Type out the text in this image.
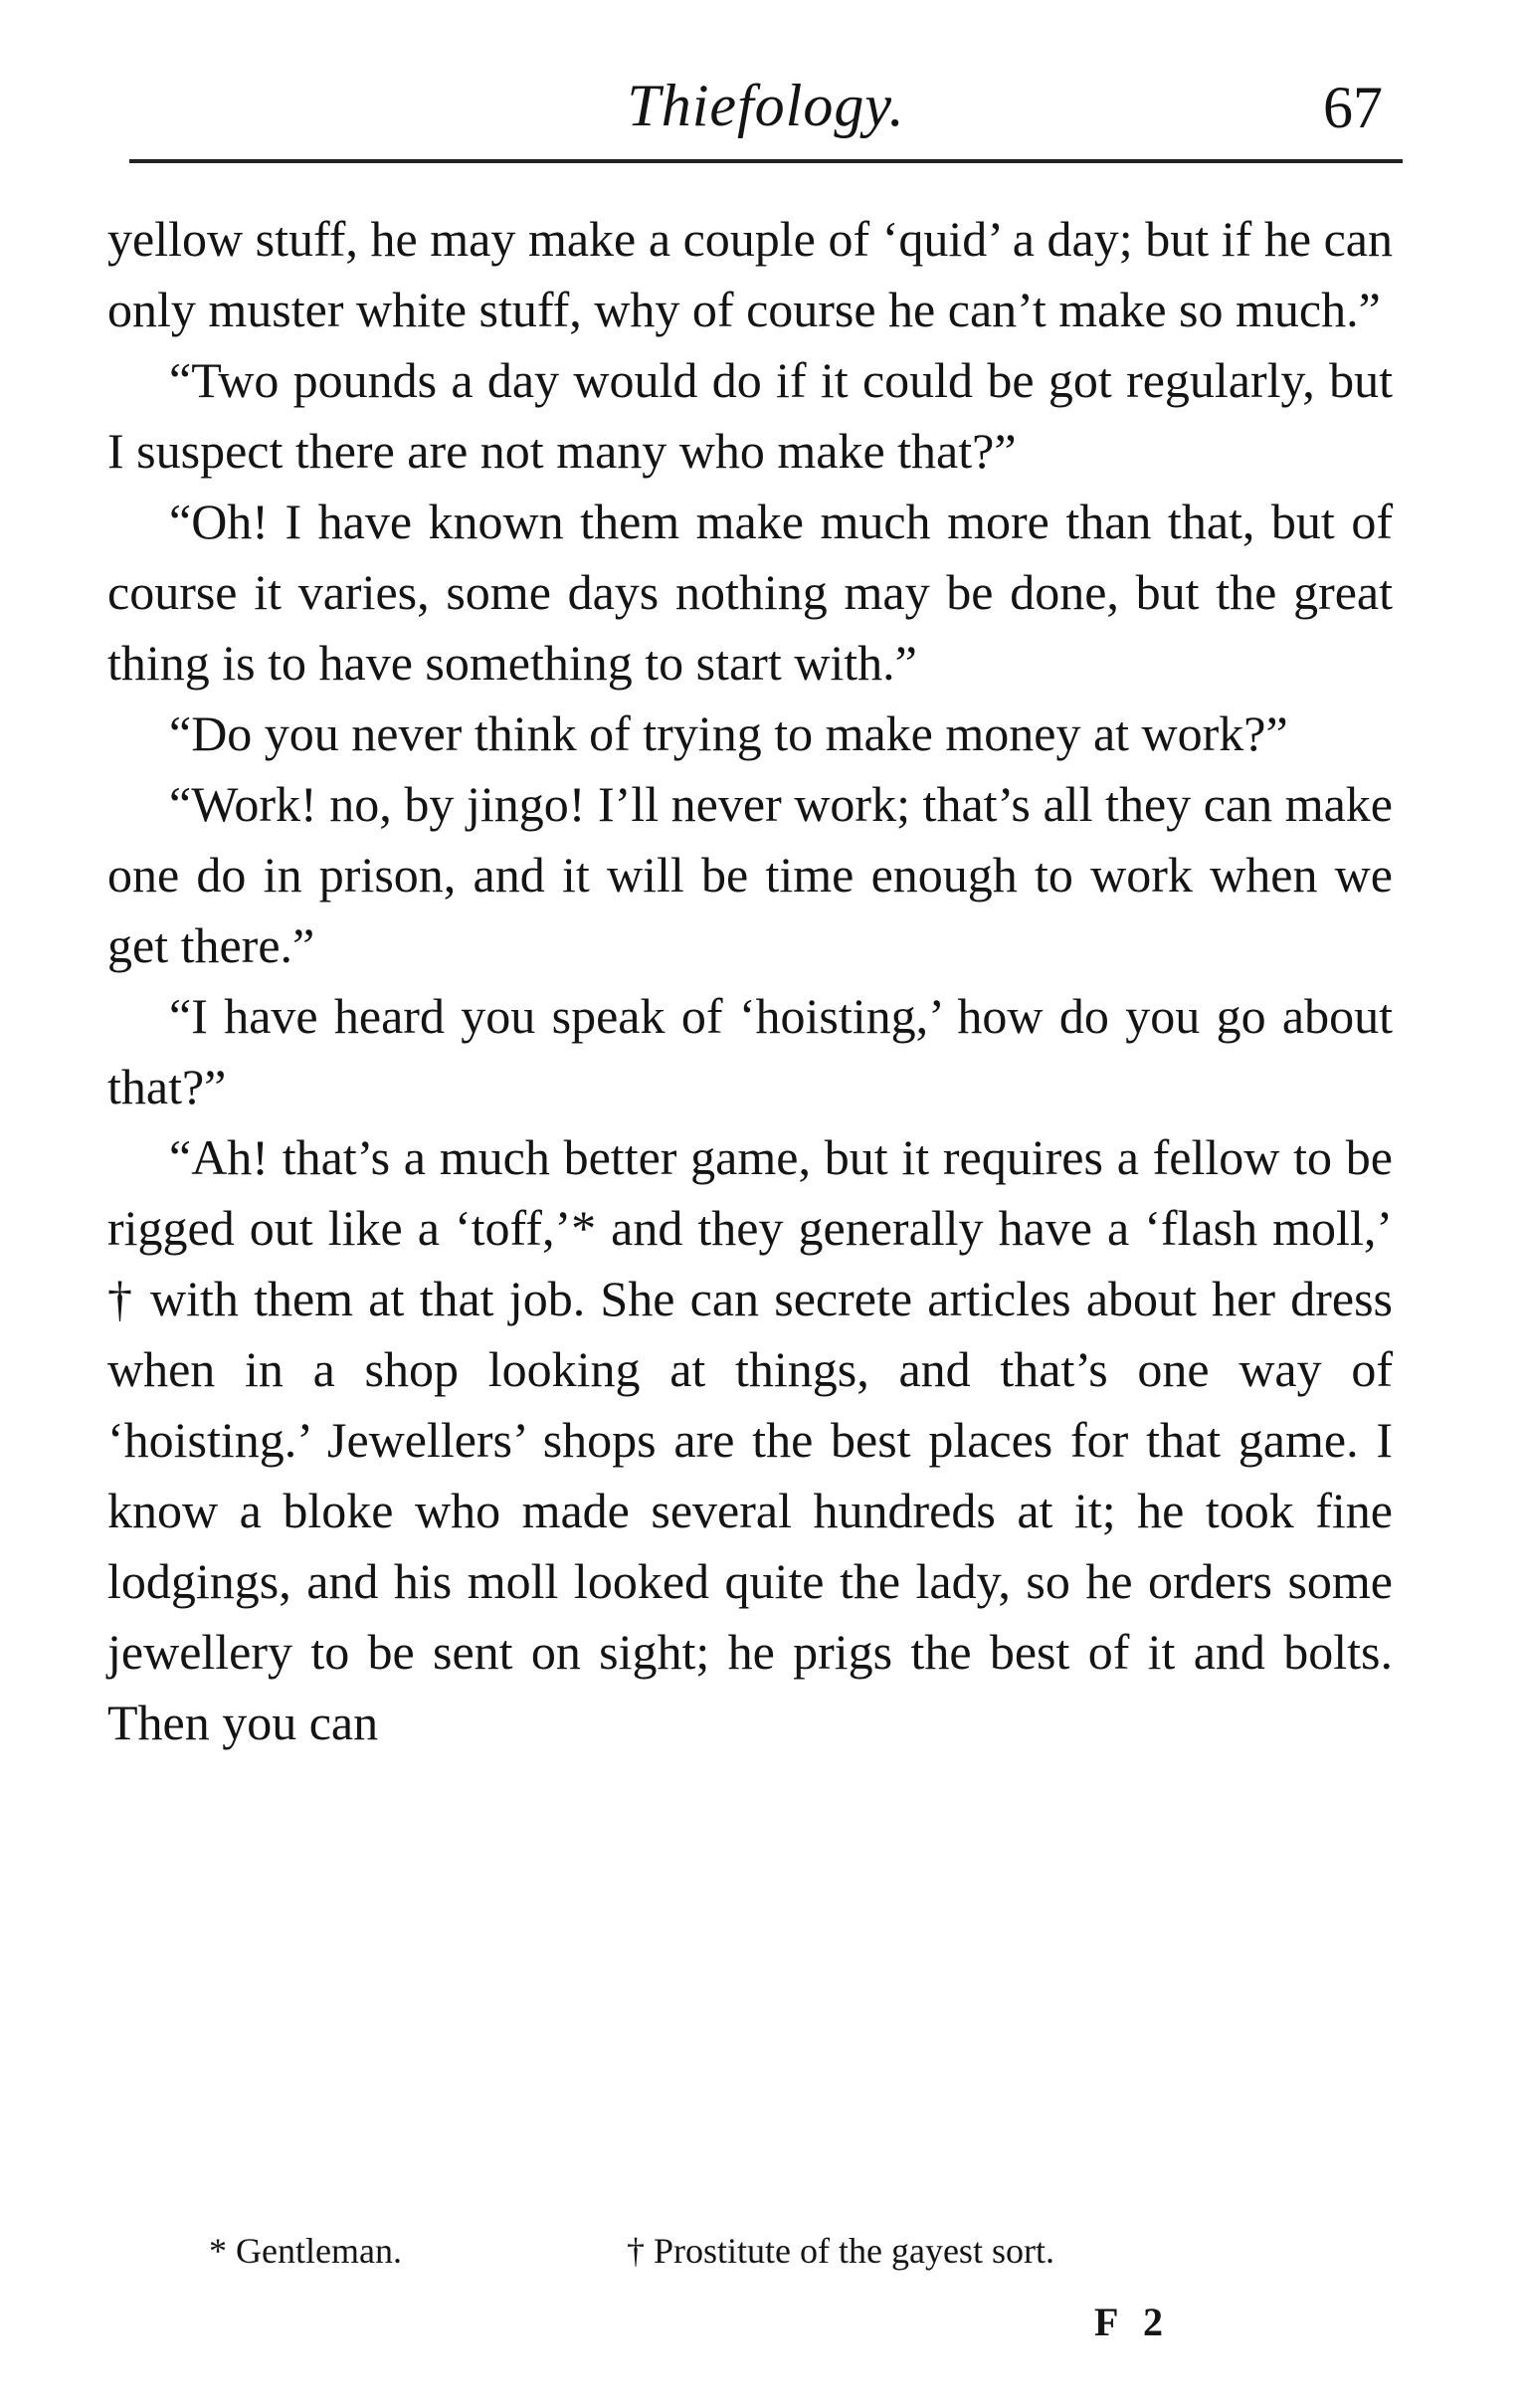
Thiefology.	67

yellow stuff, he may make a couple of ‘quid’ a day; but if he can only muster white stuff, why of course he can’t make so much.”

“Two pounds a day would do if it could be got regularly, but I suspect there are not many who make that?”

“Oh! I have known them make much more than that, but of course it varies, some days nothing may be done, but the great thing is to have something to start with.”

“Do you never think of trying to make money at work?”

“Work! no, by jingo! I’ll never work; that’s all they can make one do in prison, and it will be time enough to work when we get there.”

“I have heard you speak of ‘hoisting,’ how do you go about that?”

“Ah! that’s a much better game, but it requires a fellow to be rigged out like a ‘toff,’* and they generally have a ‘flash moll,’ † with them at that job. She can secrete articles about her dress when in a shop looking at things, and that’s one way of ‘hoisting.’ Jewellers’ shops are the best places for that game. I know a bloke who made several hundreds at it; he took fine lodgings, and his moll looked quite the lady, so he orders some jewellery to be sent on sight; he prigs the best of it and bolts. Then you can

* Gentleman.	† Prostitute of the gayest sort.
F 2
